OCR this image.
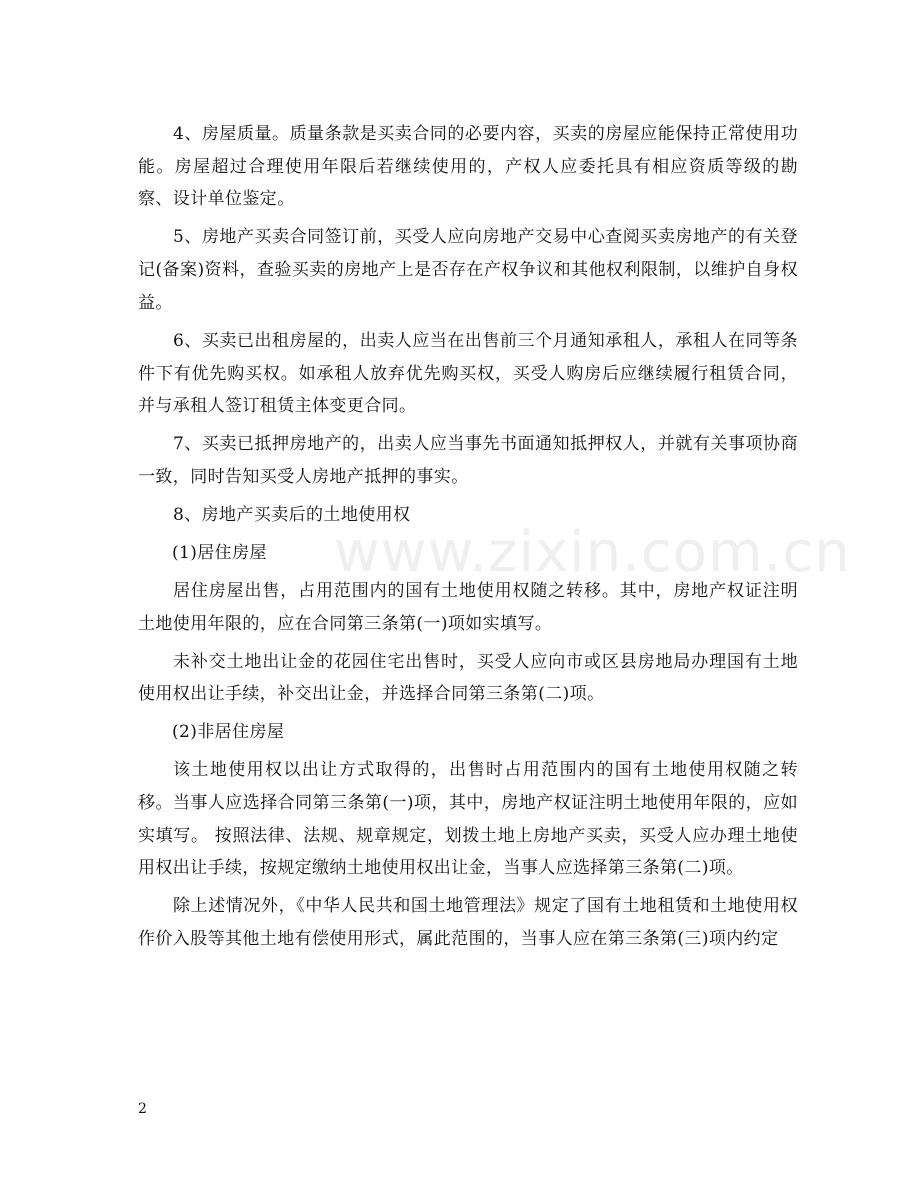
4、房屋质量。质量条款是买卖合同的必要内容，买卖的房屋应能保持正常使用功能。房屋超过合理使用年限后若继续使用的，产权人应委托具有相应资质等级的勘察、设计单位鉴定。

5、房地产买卖合同签订前，买受人应向房地产交易中心查阅买卖房地产的有关登记(备案)资料，查验买卖的房地产上是否存在产权争议和其他权利限制，以维护自身权益。

6、买卖已出租房屋的，出卖人应当在出售前三个月通知承租人，承租人在同等条件下有优先购买权。如承租人放弃优先购买权，买受人购房后应继续履行租赁合同，并与承租人签订租赁主体变更合同。

7、买卖已抵押房地产的，出卖人应当事先书面通知抵押权人，并就有关事项协商一致，同时告知买受人房地产抵押的事实。

8、房地产买卖后的土地使用权

(1)居住房屋

居住房屋出售，占用范围内的国有土地使用权随之转移。其中，房地产权证注明土地使用年限的，应在合同第三条第(一)项如实填写。

未补交土地出让金的花园住宅出售时，买受人应向市或区县房地局办理国有土地使用权出让手续，补交出让金，并选择合同第三条第(二)项。

(2)非居住房屋

该土地使用权以出让方式取得的，出售时占用范围内的国有土地使用权随之转移。当事人应选择合同第三条第(一)项，其中，房地产权证注明土地使用年限的，应如实填写。 按照法律、法规、规章规定，划拨土地上房地产买卖，买受人应办理土地使用权出让手续，按规定缴纳土地使用权出让金，当事人应选择第三条第(二)项。

除上述情况外，《中华人民共和国土地管理法》规定了国有土地租赁和土地使用权作价入股等其他土地有偿使用形式，属此范围的，当事人应在第三条第(三)项内约定

www.zixin.com.cn
2
